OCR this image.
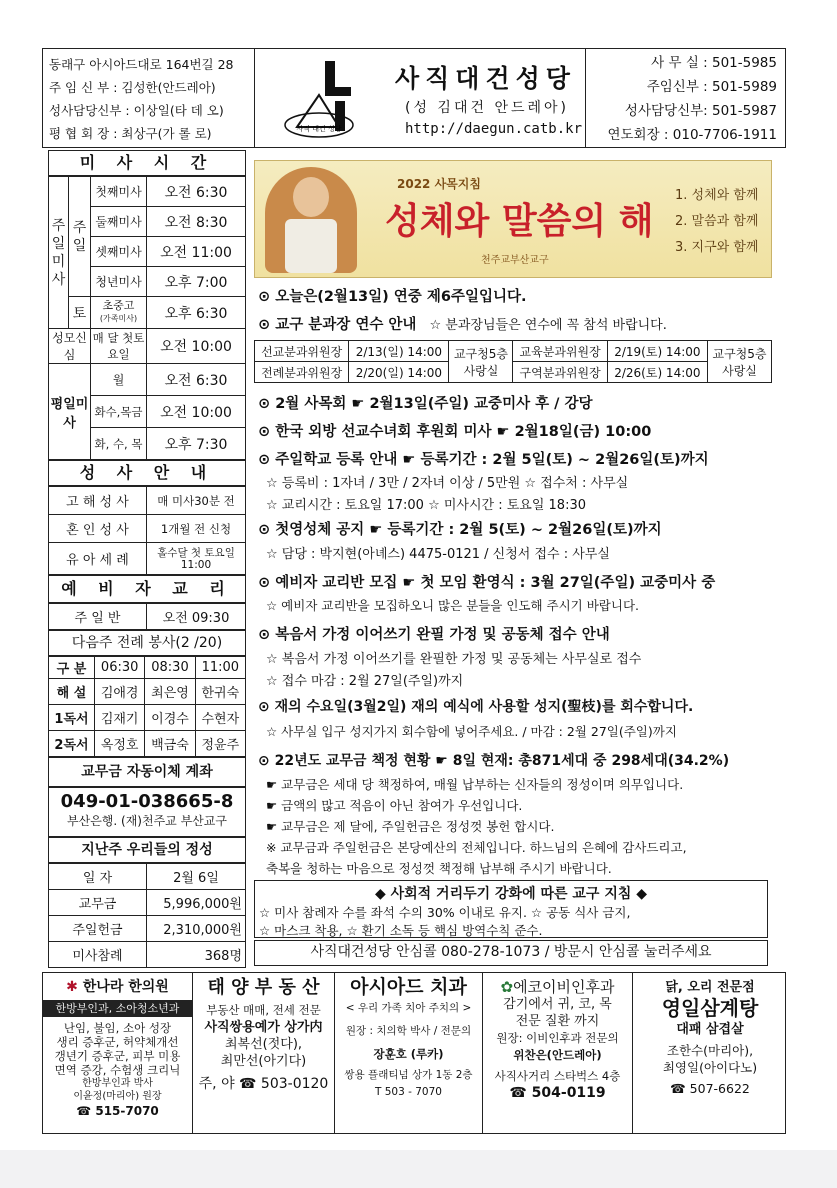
동래구 아시아드대로 164번길 28
주 임 신 부 : 김성한(안드레아)
성사담당신부 : 이상일(타 데 오)
평 협 회 장 : 최상구(가 롤 로)	사직 대건 성당
사직대건성당
(성 김대건 안드레아)
http://daegun.catb.kr
사 무 실 : 501-5985
주임신부 : 501-5989
성사담당신부: 501-5987
연도회장 : 010-7706-1911
미 사 시 간
주일미사	주일	첫째미사	오전 6:30
		둘째미사	오전 8:30
		셋째미사	오전 11:00
		청년미사	오후 7:00
	토	초중고
(가족미사)	오후 6:30
성모신심		매 달 첫토요일	오전 10:00
평일미사		월	오전 6:30
		화수,목금	오전 10:00
		화, 수, 목	오후 7:30
성 사 안 내
고 해 성 사	매 미사30분 전
혼 인 성 사	1개월 전 신청
유 아 세 례	홀수달 첫 토요일 11:00
예 비 자 교 리
주 일 반	오전 09:30
다음주 전례 봉사(2 /20)
구 분	06:30	08:30	11:00
해 설	김애경	최은영	한귀숙
1독서	김재기	이경수	수현자
2독서	옥정호	백금숙	정윤주
교무금 자동이체 계좌
049-01-038665-8
부산은행. (재)천주교 부산교구
지난주 우리들의 정성
일 자	2월 6일
교무금	5,996,000원
주일헌금	2,310,000원
미사참례	368명
2022 사목지침
성체와 말씀의 해
천주교부산교구
1. 성체와 함께
2. 말씀과 함께
3. 지구와 함께
⊙ 오늘은(2월13일) 연중 제6주일입니다.
⊙ 교구 분과장 연수 안내 ☆ 분과장님들은 연수에 꼭 참석 바랍니다.
선교분과위원장	2/13(일) 14:00	교구청5층 사랑실	교육분과위원장	2/19(토) 14:00	교구청5층 사랑실
전례분과위원장	2/20(일) 14:00		구역분과위원장	2/26(토) 14:00	
⊙ 2월 사목회 ☛ 2월13일(주일) 교중미사 후 / 강당
⊙ 한국 외방 선교수녀회 후원회 미사 ☛ 2월18일(금) 10:00
⊙ 주일학교 등록 안내 ☛ 등록기간 : 2월 5일(토) ~ 2월26일(토)까지
☆ 등록비 : 1자녀 / 3만 / 2자녀 이상 / 5만원 ☆ 접수처 : 사무실
☆ 교리시간 : 토요일 17:00 ☆ 미사시간 : 토요일 18:30
⊙ 첫영성체 공지 ☛ 등록기간 : 2월 5(토) ~ 2월26일(토)까지
☆ 담당 : 박지현(아녜스) 4475-0121 / 신청서 접수 : 사무실
⊙ 예비자 교리반 모집 ☛ 첫 모임 환영식 : 3월 27일(주일) 교중미사 중
☆ 예비자 교리반을 모집하오니 많은 분들을 인도해 주시기 바랍니다.
⊙ 복음서 가정 이어쓰기 완필 가정 및 공동체 접수 안내
☆ 복음서 가정 이어쓰기를 완필한 가정 및 공동체는 사무실로 접수
☆ 접수 마감 : 2월 27일(주일)까지
⊙ 재의 수요일(3월2일) 재의 예식에 사용할 성지(聖枝)를 회수합니다.
☆ 사무실 입구 성지가지 회수함에 넣어주세요. / 마감 : 2월 27일(주일)까지
⊙ 22년도 교무금 책정 현황 ☛ 8일 현재: 총871세대 중 298세대(34.2%)
☛ 교무금은 세대 당 책정하여, 매월 납부하는 신자들의 정성이며 의무입니다.
☛ 금액의 많고 적음이 아닌 참여가 우선입니다.
☛ 교무금은 제 달에, 주일헌금은 정성껏 봉헌 합시다.
※ 교무금과 주일헌금은 본당예산의 전체입니다. 하느님의 은혜에 감사드리고,
축복을 청하는 마음으로 정성껏 책정해 납부해 주시기 바랍니다.
◆ 사회적 거리두기 강화에 따른 교구 지침 ◆
☆ 미사 참례자 수를 좌석 수의 30% 이내로 유지. ☆ 공동 식사 금지,
☆ 마스크 착용, ☆ 환기 소독 등 핵심 방역수칙 준수.
사직대건성당 안심콜 080-278-1073 / 방문시 안심콜 눌러주세요
✱ 한나라 한의원
한방부인과, 소아청소년과
난임, 불임, 소아 성장
생리 증후군, 허약체개선
갱년기 증후군, 피부 미용
면역 증강, 수험생 크리닉
한방부인과 박사
이윤정(마리아) 원장
☎ 515-7070
태 양 부 동 산
부동산 매매, 전세 전문
사직쌍용예가 상가内
최복선(젓다),
최만선(아기다)
주, 야 ☎ 503-0120
아시아드 치과
< 우리 가족 치아 주치의 >
원장 : 치의학 박사 / 전문의
장훈호 (루카)
쌍용 플래티넘 상가 1동 2층
T 503 - 7070
✿에코이비인후과
감기에서 귀, 코, 목
전문 질환 까지
원장: 이비인후과 전문의
위찬은(안드레아)
사직사거리 스타벅스 4층
☎ 504-0119
닭, 오리 전문점
영일삼계탕
대패 삼겹살
조한수(마리아),
최영일(아이다노)
☎ 507-6622
